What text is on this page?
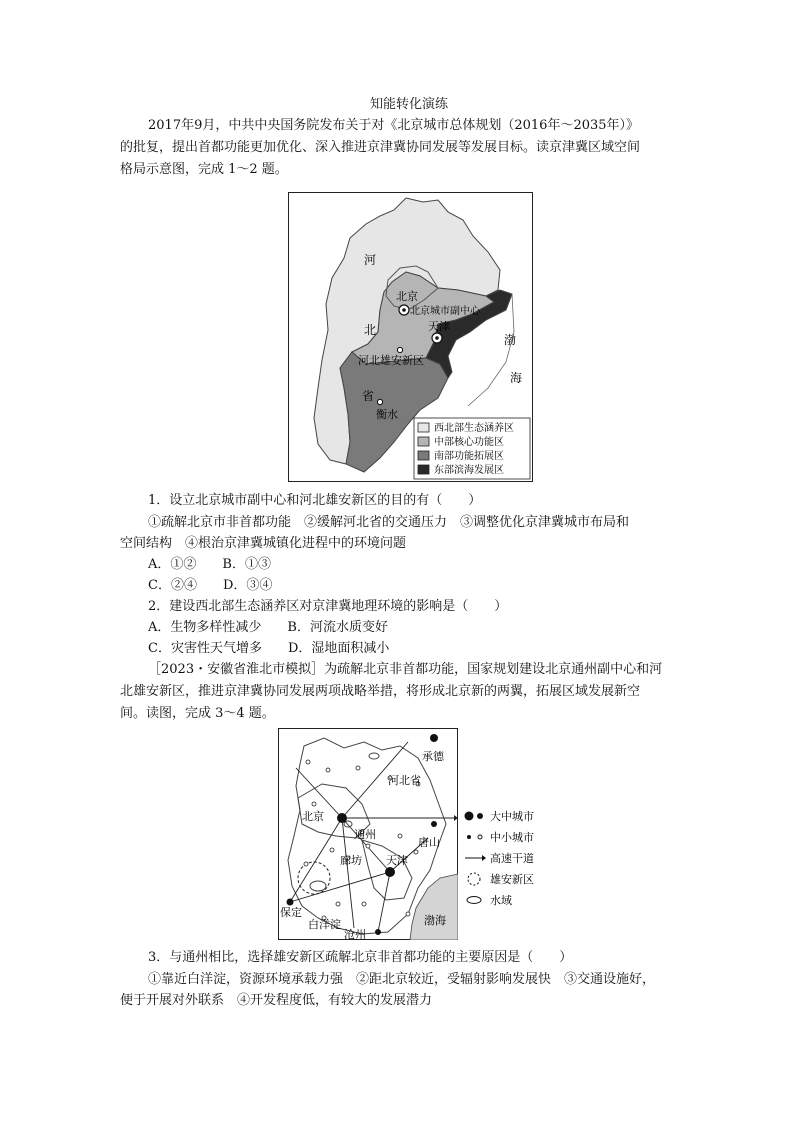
知能转化演练
2017年9月，中共中央国务院发布关于对《北京城市总体规划（2016年～2035年）》
的批复，提出首都功能更加优化、深入推进京津冀协同发展等发展目标。读京津冀区域空间
格局示意图，完成 1～2 题。
河
北
省
北京
北京城市副中心
天津
河北雄安新区
衡水
渤
海
西北部生态涵养区
中部核心功能区
南部功能拓展区
东部滨海发展区
1．设立北京城市副中心和河北雄安新区的目的有（　　）
①疏解北京市非首都功能　②缓解河北省的交通压力　③调整优化京津冀城市布局和
空间结构　④根治京津冀城镇化进程中的环境问题
A．①②　　B．①③
C．②④　　D．③④
2．建设西北部生态涵养区对京津冀地理环境的影响是（　　）
A．生物多样性减少　　B．河流水质变好
C．灾害性天气增多　　D．湿地面积减小
［2023・安徽省淮北市模拟］为疏解北京非首都功能，国家规划建设北京通州副中心和河
北雄安新区，推进京津冀协同发展两项战略举措，将形成北京新的两翼，拓展区域发展新空
间。读图，完成 3～4 题。
承德
河北省
北京
通州
唐山
廊坊 天津
保定
白洋淀
沧州
渤海
大中城市
中小城市
高速干道
雄安新区
水域
3．与通州相比，选择雄安新区疏解北京非首都功能的主要原因是（　　）
①靠近白洋淀，资源环境承载力强　②距北京较近，受辐射影响发展快　③交通设施好，
便于开展对外联系　④开发程度低，有较大的发展潜力
